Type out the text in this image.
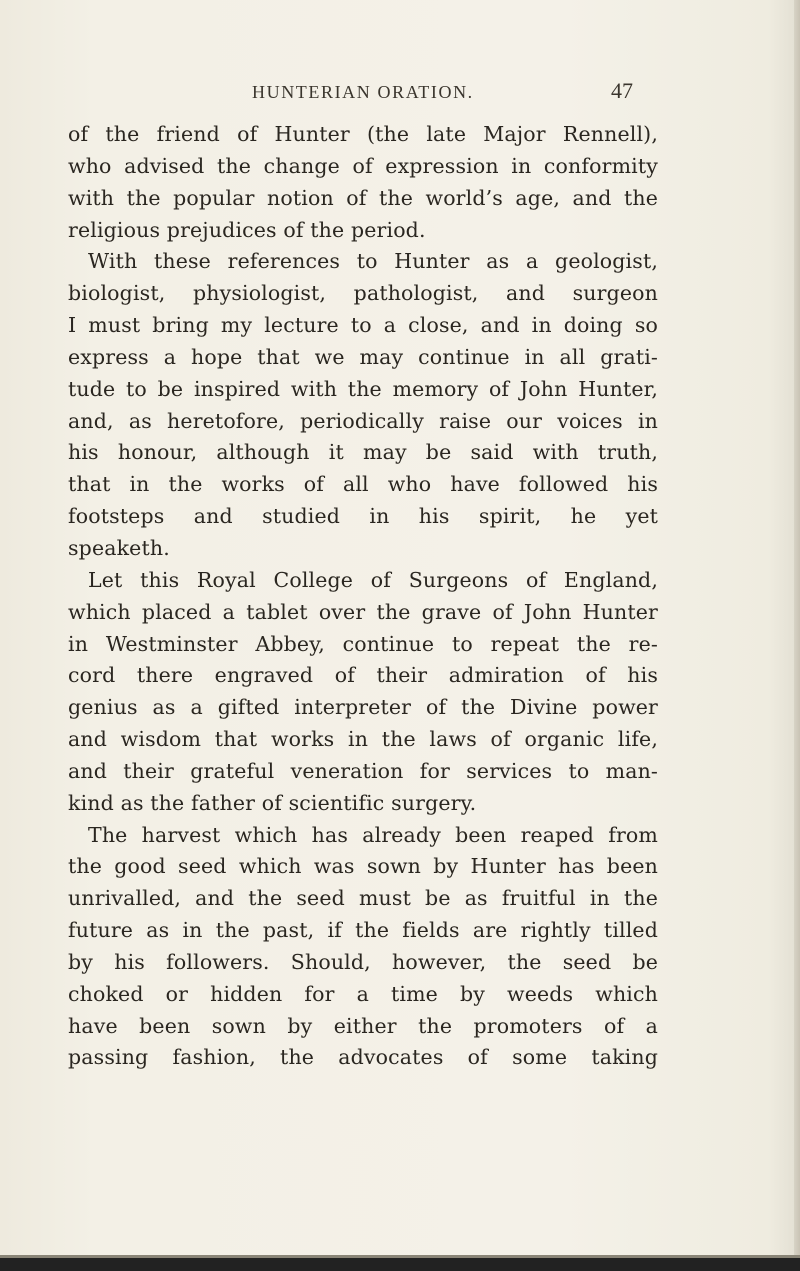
HUNTERIAN ORATION.	47
of the friend of Hunter (the late Major Rennell),
who advised the change of expression in conformity
with the popular notion of the world’s age, and the
religious prejudices of the period.
With these references to Hunter as a geologist,
biologist, physiologist, pathologist, and surgeon
I must bring my lecture to a close, and in doing so
express a hope that we may continue in all grati-
tude to be inspired with the memory of John Hunter,
and, as heretofore, periodically raise our voices in
his honour, although it may be said with truth,
that in the works of all who have followed his
footsteps and studied in his spirit, he yet
speaketh.
Let this Royal College of Surgeons of England,
which placed a tablet over the grave of John Hunter
in Westminster Abbey, continue to repeat the re-
cord there engraved of their admiration of his
genius as a gifted interpreter of the Divine power
and wisdom that works in the laws of organic life,
and their grateful veneration for services to man-
kind as the father of scientific surgery.
The harvest which has already been reaped from
the good seed which was sown by Hunter has been
unrivalled, and the seed must be as fruitful in the
future as in the past, if the fields are rightly tilled
by his followers. Should, however, the seed be
choked or hidden for a time by weeds which
have been sown by either the promoters of a
passing fashion, the advocates of some taking
